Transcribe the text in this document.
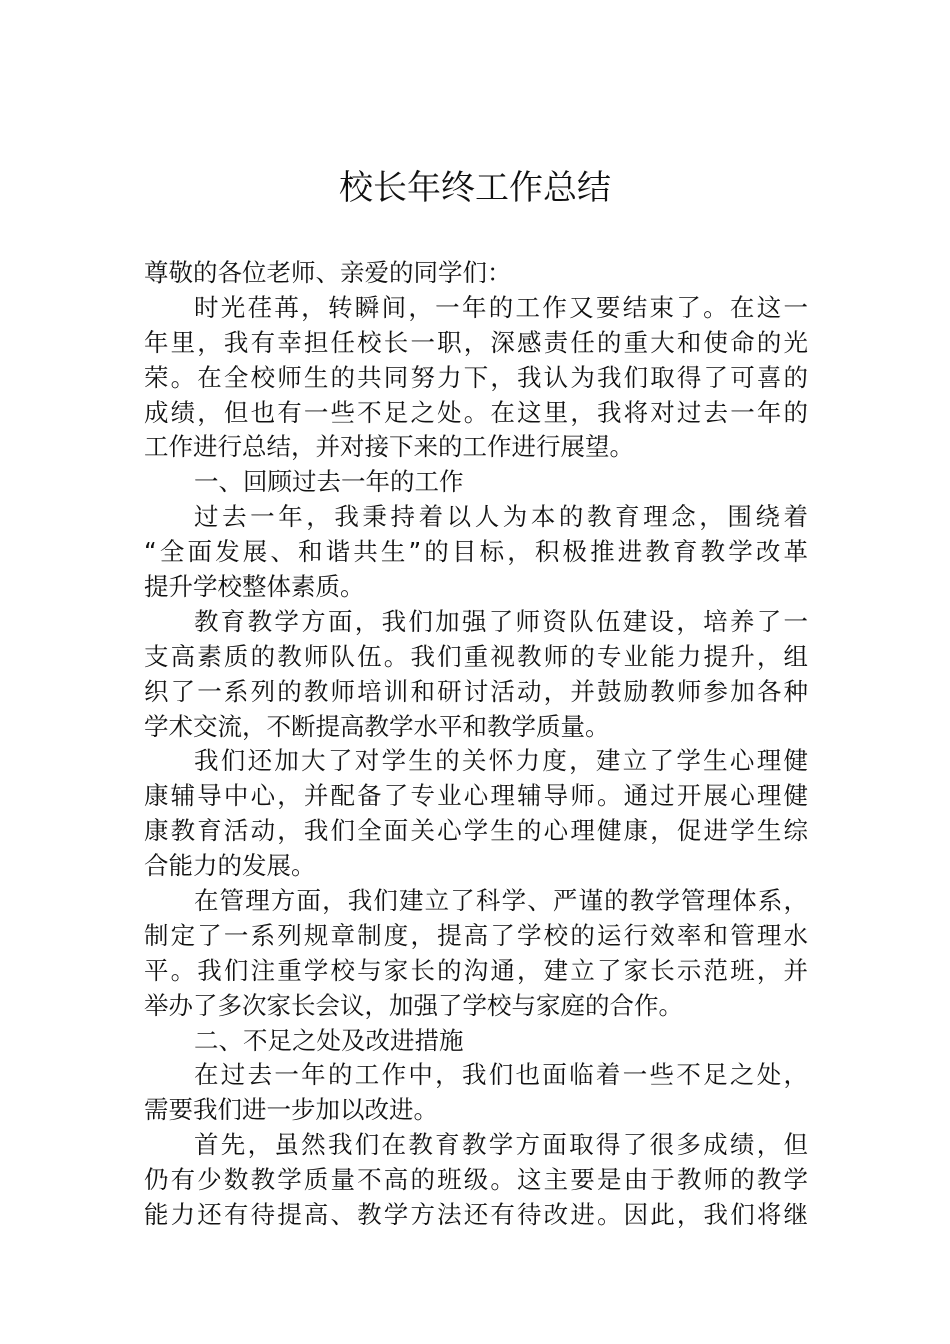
校长年终工作总结
尊敬的各位老师、亲爱的同学们：
时光荏苒，转瞬间，一年的工作又要结束了。在这一
年里，我有幸担任校长一职，深感责任的重大和使命的光
荣。在全校师生的共同努力下，我认为我们取得了可喜的
成绩，但也有一些不足之处。在这里，我将对过去一年的
工作进行总结，并对接下来的工作进行展望。
一、回顾过去一年的工作
过去一年，我秉持着以人为本的教育理念，围绕着
“全面发展、和谐共生”的目标，积极推进教育教学改革
提升学校整体素质。
教育教学方面，我们加强了师资队伍建设，培养了一
支高素质的教师队伍。我们重视教师的专业能力提升，组
织了一系列的教师培训和研讨活动，并鼓励教师参加各种
学术交流，不断提高教学水平和教学质量。
我们还加大了对学生的关怀力度，建立了学生心理健
康辅导中心，并配备了专业心理辅导师。通过开展心理健
康教育活动，我们全面关心学生的心理健康，促进学生综
合能力的发展。
在管理方面，我们建立了科学、严谨的教学管理体系，
制定了一系列规章制度，提高了学校的运行效率和管理水
平。我们注重学校与家长的沟通，建立了家长示范班，并
举办了多次家长会议，加强了学校与家庭的合作。
二、不足之处及改进措施
在过去一年的工作中，我们也面临着一些不足之处，
需要我们进一步加以改进。
首先，虽然我们在教育教学方面取得了很多成绩，但
仍有少数教学质量不高的班级。这主要是由于教师的教学
能力还有待提高、教学方法还有待改进。因此，我们将继
